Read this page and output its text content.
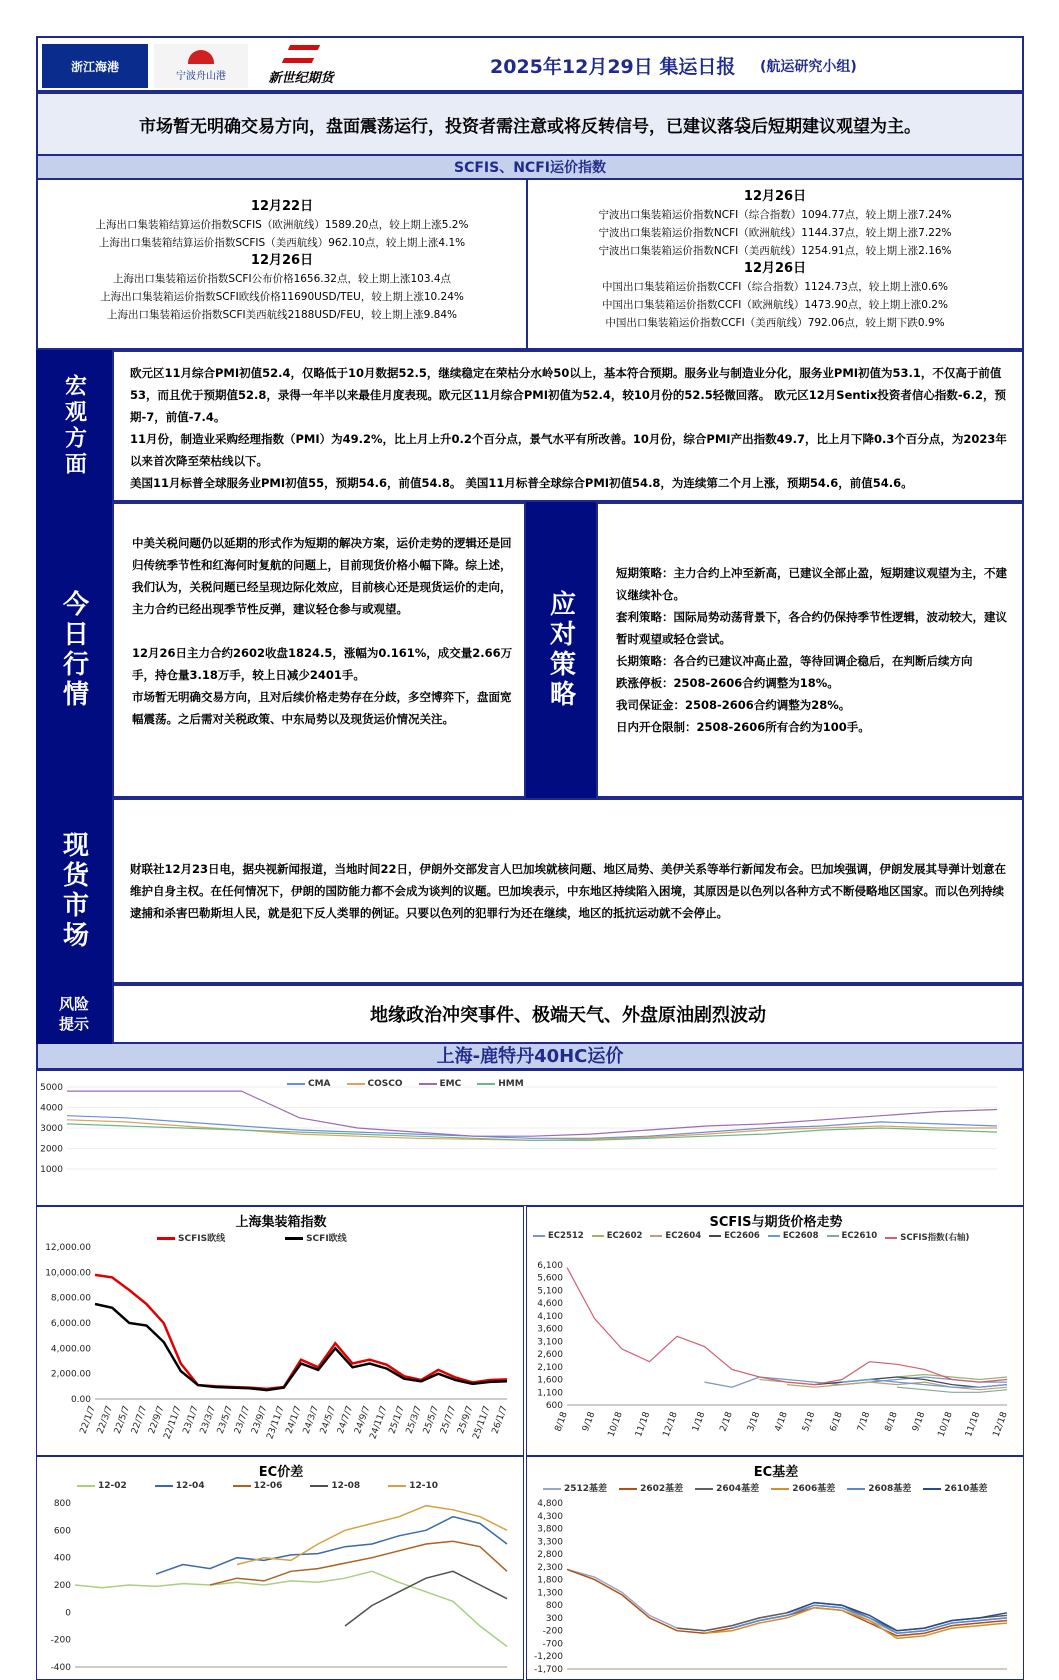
浙江海港
宁波舟山港	新世纪期货
2025年12月29日 集运日报 (航运研究小组)
市场暂无明确交易方向，盘面震荡运行，投资者需注意或将反转信号，已建议落袋后短期建议观望为主。
SCFIS、NCFI运价指数

12月22日

上海出口集装箱结算运价指数SCFIS（欧洲航线）1589.20点，较上期上涨5.2%

上海出口集装箱结算运价指数SCFIS（美西航线）962.10点，较上期上涨4.1%

12月26日

上海出口集装箱运价指数SCFI公布价格1656.32点，较上期上涨103.4点

上海出口集装箱运价指数SCFI欧线价格11690USD/TEU，较上期上涨10.24%

上海出口集装箱运价指数SCFI美西航线2188USD/FEU，较上期上涨9.84%

12月26日

宁波出口集装箱运价指数NCFI（综合指数）1094.77点，较上期上涨7.24%

宁波出口集装箱运价指数NCFI（欧洲航线）1144.37点，较上期上涨7.22%

宁波出口集装箱运价指数NCFI（美西航线）1254.91点，较上期上涨2.16%

12月26日

中国出口集装箱运价指数CCFI（综合指数）1124.73点，较上期上涨0.6%

中国出口集装箱运价指数CCFI（欧洲航线）1473.90点，较上期上涨0.2%

中国出口集装箱运价指数CCFI（美西航线）792.06点，较上期下跌0.9%

宏观方面

欧元区11月综合PMI初值52.4，仅略低于10月数据52.5，继续稳定在荣枯分水岭50以上，基本符合预期。服务业与制造业分化，服务业PMI初值为53.1，不仅高于前值53，而且优于预期值52.8，录得一年半以来最佳月度表现。欧元区11月综合PMI初值为52.4，较10月份的52.5轻微回落。 欧元区12月Sentix投资者信心指数-6.2，预期-7，前值-7.4。

11月份，制造业采购经理指数（PMI）为49.2%，比上月上升0.2个百分点，景气水平有所改善。10月份，综合PMI产出指数49.7，比上月下降0.3个百分点，为2023年以来首次降至荣枯线以下。

美国11月标普全球服务业PMI初值55，预期54.6，前值54.8。 美国11月标普全球综合PMI初值54.8，为连续第二个月上涨，预期54.6，前值54.6。

今日行情

中美关税问题仍以延期的形式作为短期的解决方案，运价走势的逻辑还是回归传统季节性和红海何时复航的问题上，目前现货价格小幅下降。综上述，我们认为，关税问题已经呈现边际化效应，目前核心还是现货运价的走向，主力合约已经出现季节性反弹，建议轻仓参与或观望。

12月26日主力合约2602收盘1824.5，涨幅为0.161%，成交量2.66万手，持仓量3.18万手，较上日减少2401手。

市场暂无明确交易方向，且对后续价格走势存在分歧，多空博弈下，盘面宽幅震荡。之后需对关税政策、中东局势以及现货运价情况关注。

应对策略

短期策略：主力合约上冲至新高，已建议全部止盈，短期建议观望为主，不建议继续补仓。

套利策略：国际局势动荡背景下，各合约仍保持季节性逻辑，波动较大，建议暂时观望或轻仓尝试。

长期策略：各合约已建议冲高止盈，等待回调企稳后，在判断后续方向

跌涨停板：2508-2606合约调整为18%。

我司保证金：2508-2606合约调整为28%。

日内开仓限制：2508-2606所有合约为100手。

现货市场	财联社12月23日电，据央视新闻报道，当地时间22日，伊朗外交部发言人巴加埃就核问题、地区局势、美伊关系等举行新闻发布会。巴加埃强调，伊朗发展其导弹计划意在维护自身主权。在任何情况下，伊朗的国防能力都不会成为谈判的议题。巴加埃表示，中东地区持续陷入困境，其原因是以色列以各种方式不断侵略地区国家。而以色列持续逮捕和杀害巴勒斯坦人民，就是犯下反人类罪的例证。只要以色列的犯罪行为还在继续，地区的抵抗运动就不会停止。

风险提示	地缘政治冲突事件、极端天气、外盘原油剧烈波动
上海-鹿特丹40HC运价
CMA	COSCO	EMC	HMM
1000
2000
3000
4000
5000
上海集装箱指数
SCFIS欧线	SCFI欧线
0.00
2,000.00
4,000.00
6,000.00
8,000.00
10,000.00
12,000.00
22/1/7
22/3/7
22/5/7
22/7/7
22/9/7
22/11/7
23/1/7
23/3/7
23/5/7
23/7/7
23/9/7
23/11/7
24/1/7
24/3/7
24/5/7
24/7/7
24/9/7
24/11/7
25/1/7
25/3/7
25/5/7
25/7/7
25/9/7
25/11/7
26/1/7
SCFIS与期货价格走势
EC2512	EC2602	EC2604	EC2606	EC2608	EC2610	SCFIS指数(右轴)
600
1,100
1,600
2,100
2,600
3,100
3,600
4,100
4,600
5,100
5,600
6,100
8/18 9/18 10/18 11/18 12/18 1/18 2/18 3/18 4/18 5/18 6/18 7/18 8/18 9/18 10/18 11/18 12/18
EC价差
12-02	12-04	12-06	12-08	12-10
-400
-200
0
200
400
600
800
EC基差
2512基差	2602基差	2604基差	2606基差	2608基差	2610基差
-1,700
-1,200
-700
-200
300
800
1,300
1,800
2,300
2,800
3,300
3,800
4,300
4,800
